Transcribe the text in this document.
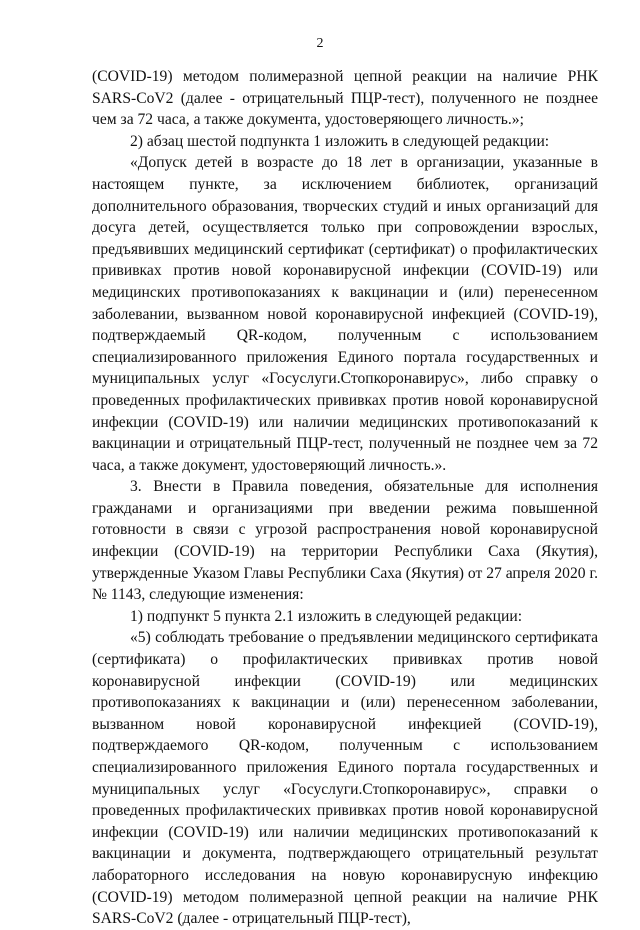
2

(COVID-19) методом полимеразной цепной реакции на наличие РНК SARS-CoV2 (далее - отрицательный ПЦР-тест), полученного не позднее чем за 72 часа, а также документа, удостоверяющего личность.»;

2) абзац шестой подпункта 1 изложить в следующей редакции:

«Допуск детей в возрасте до 18 лет в организации, указанные в настоящем пункте, за исключением библиотек, организаций дополнительного образования, творческих студий и иных организаций для досуга детей, осуществляется только при сопровождении взрослых, предъявивших медицинский сертификат (сертификат) о профилактических прививках против новой коронавирусной инфекции (COVID-19) или медицинских противопоказаниях к вакцинации и (или) перенесенном заболевании, вызванном новой коронавирусной инфекцией (COVID-19), подтверждаемый QR-кодом, полученным с использованием специализированного приложения Единого портала государственных и муниципальных услуг «Госуслуги.Стопкоронавирус», либо справку о проведенных профилактических прививках против новой коронавирусной инфекции (COVID-19) или наличии медицинских противопоказаний к вакцинации и отрицательный ПЦР-тест, полученный не позднее чем за 72 часа, а также документ, удостоверяющий личность.».

3. Внести в Правила поведения, обязательные для исполнения гражданами и организациями при введении режима повышенной готовности в связи с угрозой распространения новой коронавирусной инфекции (COVID-19) на территории Республики Саха (Якутия), утвержденные Указом Главы Республики Саха (Якутия) от 27 апреля 2020 г. № 1143, следующие изменения:

1) подпункт 5 пункта 2.1 изложить в следующей редакции:

«5) соблюдать требование о предъявлении медицинского сертификата (сертификата) о профилактических прививках против новой коронавирусной инфекции (COVID-19) или медицинских противопоказаниях к вакцинации и (или) перенесенном заболевании, вызванном новой коронавирусной инфекцией (COVID-19), подтверждаемого QR-кодом, полученным с использованием специализированного приложения Единого портала государственных и муниципальных услуг «Госуслуги.Стопкоронавирус», справки о проведенных профилактических прививках против новой коронавирусной инфекции (COVID-19) или наличии медицинских противопоказаний к вакцинации и документа, подтверждающего отрицательный результат лабораторного исследования на новую коронавирусную инфекцию (COVID-19) методом полимеразной цепной реакции на наличие РНК SARS-CoV2 (далее - отрицательный ПЦР-тест),
